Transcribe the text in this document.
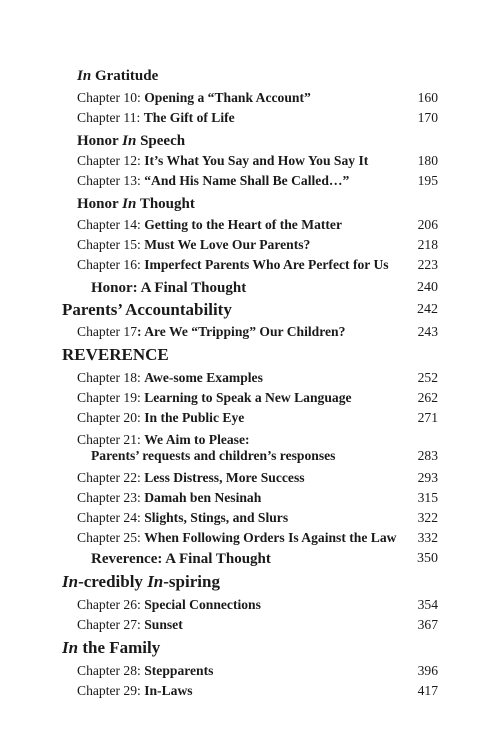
In Gratitude
Chapter 10: Opening a “Thank Account”	160
Chapter 11: The Gift of Life	170
Honor In Speech
Chapter 12: It’s What You Say and How You Say It	180
Chapter 13: “And His Name Shall Be Called…”	195
Honor In Thought
Chapter 14: Getting to the Heart of the Matter	206
Chapter 15: Must We Love Our Parents?	218
Chapter 16: Imperfect Parents Who Are Perfect for Us 223
Honor: A Final Thought	240
Parents’ Accountability	242
Chapter 17: Are We “Tripping” Our Children?	243
REVERENCE
Chapter 18: Awe-some Examples	252
Chapter 19: Learning to Speak a New Language	262
Chapter 20: In the Public Eye	271
Chapter 21: We Aim to Please:
Parents’ requests and children’s responses	283
Chapter 22: Less Distress, More Success	293
Chapter 23: Damah ben Nesinah	315
Chapter 24: Slights, Stings, and Slurs	322
Chapter 25: When Following Orders Is Against the Law 332
Reverence: A Final Thought	350
In-credibly In-spiring
Chapter 26: Special Connections	354
Chapter 27: Sunset	367
In the Family
Chapter 28: Stepparents	396
Chapter 29: In-Laws	417
